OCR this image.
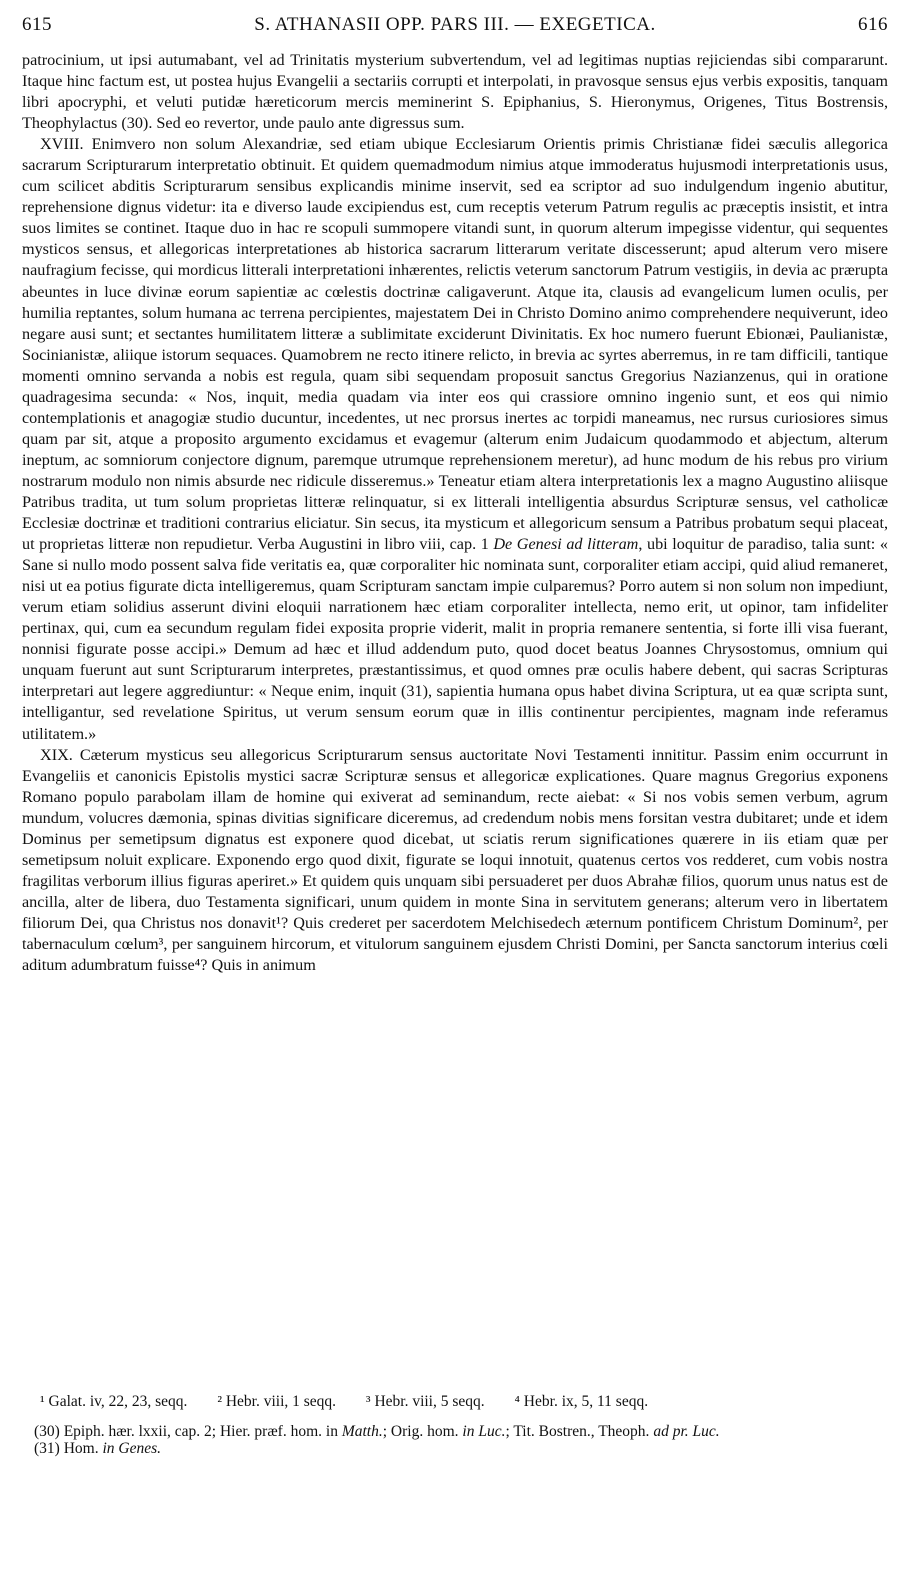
615	S. ATHANASII OPP. PARS III. — EXEGETICA.	616

patrocinium, ut ipsi autumabant, vel ad Trinitatis mysterium subvertendum, vel ad legitimas nuptias rejiciendas sibi compararunt. Itaque hinc factum est, ut postea hujus Evangelii a sectariis corrupti et interpolati, in pravosque sensus ejus verbis expositis, tanquam libri apocryphi, et veluti putidæ hæreticorum mercis meminerint S. Epiphanius, S. Hieronymus, Origenes, Titus Bostrensis, Theophylactus (30). Sed eo revertor, unde paulo ante digressus sum.

XVIII. Enimvero non solum Alexandriæ, sed etiam ubique Ecclesiarum Orientis primis Christianæ fidei sæculis allegorica sacrarum Scripturarum interpretatio obtinuit. Et quidem quemadmodum nimius atque immoderatus hujusmodi interpretationis usus, cum scilicet abditis Scripturarum sensibus explicandis minime inservit, sed ea scriptor ad suo indulgendum ingenio abutitur, reprehensione dignus videtur: ita e diverso laude excipiendus est, cum receptis veterum Patrum regulis ac præceptis insistit, et intra suos limites se continet. Itaque duo in hac re scopuli summopere vitandi sunt, in quorum alterum impegisse videntur, qui sequentes mysticos sensus, et allegoricas interpretationes ab historica sacrarum litterarum veritate discesserunt; apud alterum vero misere naufragium fecisse, qui mordicus litterali interpretationi inhærentes, relictis veterum sanctorum Patrum vestigiis, in devia ac prærupta abeuntes in luce divinæ eorum sapientiæ ac cœlestis doctrinæ caligaverunt. Atque ita, clausis ad evangelicum lumen oculis, per humilia reptantes, solum humana ac terrena percipientes, majestatem Dei in Christo Domino animo comprehendere nequiverunt, ideo negare ausi sunt; et sectantes humilitatem litteræ a sublimitate exciderunt Divinitatis. Ex hoc numero fuerunt Ebionæi, Paulianistæ, Socinianistæ, aliique istorum sequaces. Quamobrem ne recto itinere relicto, in brevia ac syrtes aberremus, in re tam difficili, tantique momenti omnino servanda a nobis est regula, quam sibi sequendam proposuit sanctus Gregorius Nazianzenus, qui in oratione quadragesima secunda: « Nos, inquit, media quadam via inter eos qui crassiore omnino ingenio sunt, et eos qui nimio contemplationis et anagogiæ studio ducuntur, incedentes, ut nec prorsus inertes ac torpidi maneamus, nec rursus curiosiores simus quam par sit, atque a proposito argumento excidamus et evagemur (alterum enim Judaicum quodammodo et abjectum, alterum ineptum, ac somniorum conjectore dignum, paremque utrumque reprehensionem meretur), ad hunc modum de his rebus pro virium nostrarum modulo non nimis absurde nec ridicule disseremus.» Teneatur etiam altera interpretationis lex a magno Augustino aliisque Patribus tradita, ut tum solum proprietas litteræ relinquatur, si ex litterali intelligentia absurdus Scripturæ sensus, vel catholicæ Ecclesiæ doctrinæ et traditioni contrarius eliciatur. Sin secus, ita mysticum et allegoricum sensum a Patribus probatum sequi placeat, ut proprietas litteræ non repudietur. Verba Augustini in libro viii, cap. 1 De Genesi ad litteram, ubi loquitur de paradiso, talia sunt: « Sane si nullo modo possent salva fide veritatis ea, quæ corporaliter hic nominata sunt, corporaliter etiam accipi, quid aliud remaneret, nisi ut ea potius figurate dicta intelligeremus, quam Scripturam sanctam impie culparemus? Porro autem si non solum non impediunt, verum etiam solidius asserunt divini eloquii narrationem hæc etiam corporaliter intellecta, nemo erit, ut opinor, tam infideliter pertinax, qui, cum ea secundum regulam fidei exposita proprie viderit, malit in propria remanere sententia, si forte illi visa fuerant, nonnisi figurate posse accipi.» Demum ad hæc et illud addendum puto, quod docet beatus Joannes Chrysostomus, omnium qui unquam fuerunt aut sunt Scripturarum interpretes, præstantissimus, et quod omnes præ oculis habere debent, qui sacras Scripturas interpretari aut legere aggrediuntur: « Neque enim, inquit (31), sapientia humana opus habet divina Scriptura, ut ea quæ scripta sunt, intelligantur, sed revelatione Spiritus, ut verum sensum eorum quæ in illis continentur percipientes, magnam inde referamus utilitatem.»

XIX. Cæterum mysticus seu allegoricus Scripturarum sensus auctoritate Novi Testamenti innititur. Passim enim occurrunt in Evangeliis et canonicis Epistolis mystici sacræ Scripturæ sensus et allegoricæ explicationes. Quare magnus Gregorius exponens Romano populo parabolam illam de homine qui exiverat ad seminandum, recte aiebat: « Si nos vobis semen verbum, agrum mundum, volucres dæmonia, spinas divitias significare diceremus, ad credendum nobis mens forsitan vestra dubitaret; unde et idem Dominus per semetipsum dignatus est exponere quod dicebat, ut sciatis rerum significationes quærere in iis etiam quæ per semetipsum noluit explicare. Exponendo ergo quod dixit, figurate se loqui innotuit, quatenus certos vos redderet, cum vobis nostra fragilitas verborum illius figuras aperiret.» Et quidem quis unquam sibi persuaderet per duos Abrahæ filios, quorum unus natus est de ancilla, alter de libera, duo Testamenta significari, unum quidem in monte Sina in servitutem generans; alterum vero in libertatem filiorum Dei, qua Christus nos donavit¹? Quis crederet per sacerdotem Melchisedech æternum pontificem Christum Dominum², per tabernaculum cœlum³, per sanguinem hircorum, et vitulorum sanguinem ejusdem Christi Domini, per Sancta sanctorum interius cœli aditum adumbratum fuisse⁴? Quis in animum

¹ Galat. iv, 22, 23, seqq. ² Hebr. viii, 1 seqq. ³ Hebr. viii, 5 seqq. ⁴ Hebr. ix, 5, 11 seqq.

(30) Epiph. hær. lxxii, cap. 2; Hier. præf. hom. in Matth.; Orig. hom. in Luc.; Tit. Bostren., Theoph. ad pr. Luc.

(31) Hom. in Genes.
